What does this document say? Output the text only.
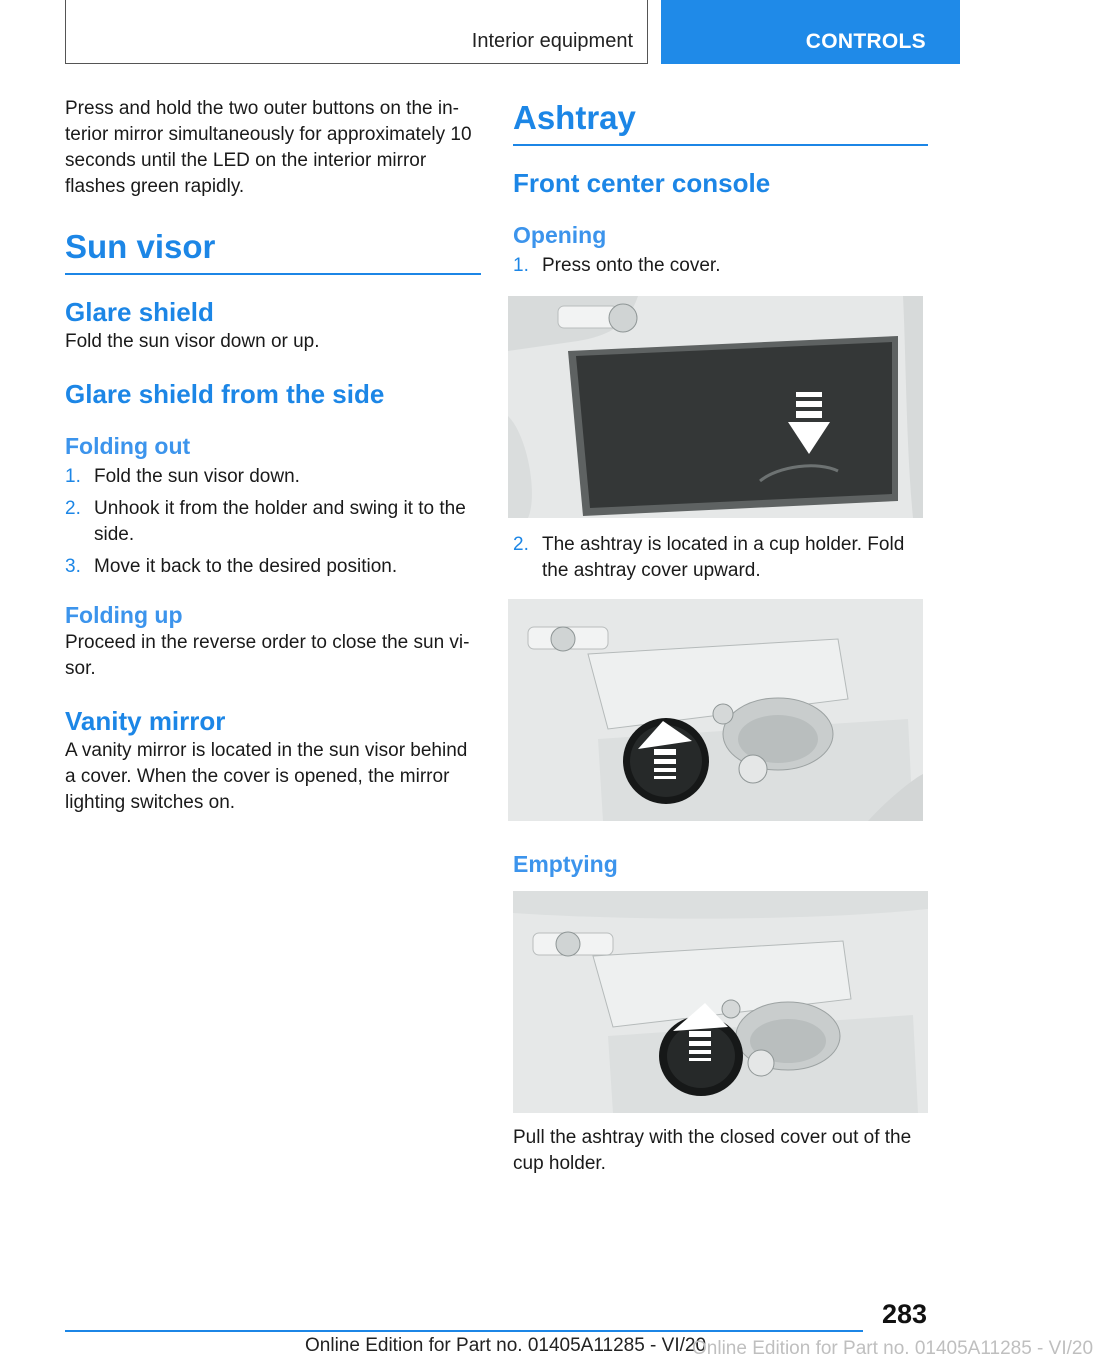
Interior equipment	CONTROLS

Press and hold the two outer buttons on the interior mirror simultaneously for approximately 10 seconds until the LED on the interior mirror flashes green rapidly.

Sun visor
Glare shield

Fold the sun visor down or up.

Glare shield from the side
Folding out
1. Fold the sun visor down.
2. Unhook it from the holder and swing it to the side.
3. Move it back to the desired position.
Folding up

Proceed in the reverse order to close the sun visor.

Vanity mirror

A vanity mirror is located in the sun visor behind a cover. When the cover is opened, the mirror lighting switches on.

Ashtray
Front center console
Opening
1. Press onto the cover.
2. The ashtray is located in a cup holder. Fold the ashtray cover upward.
Emptying

Pull the ashtray with the closed cover out of the cup holder.

283
Online Edition for Part no. 01405A11285 - VI/20
Online Edition for Part no. 01405A11285 - VI/20
